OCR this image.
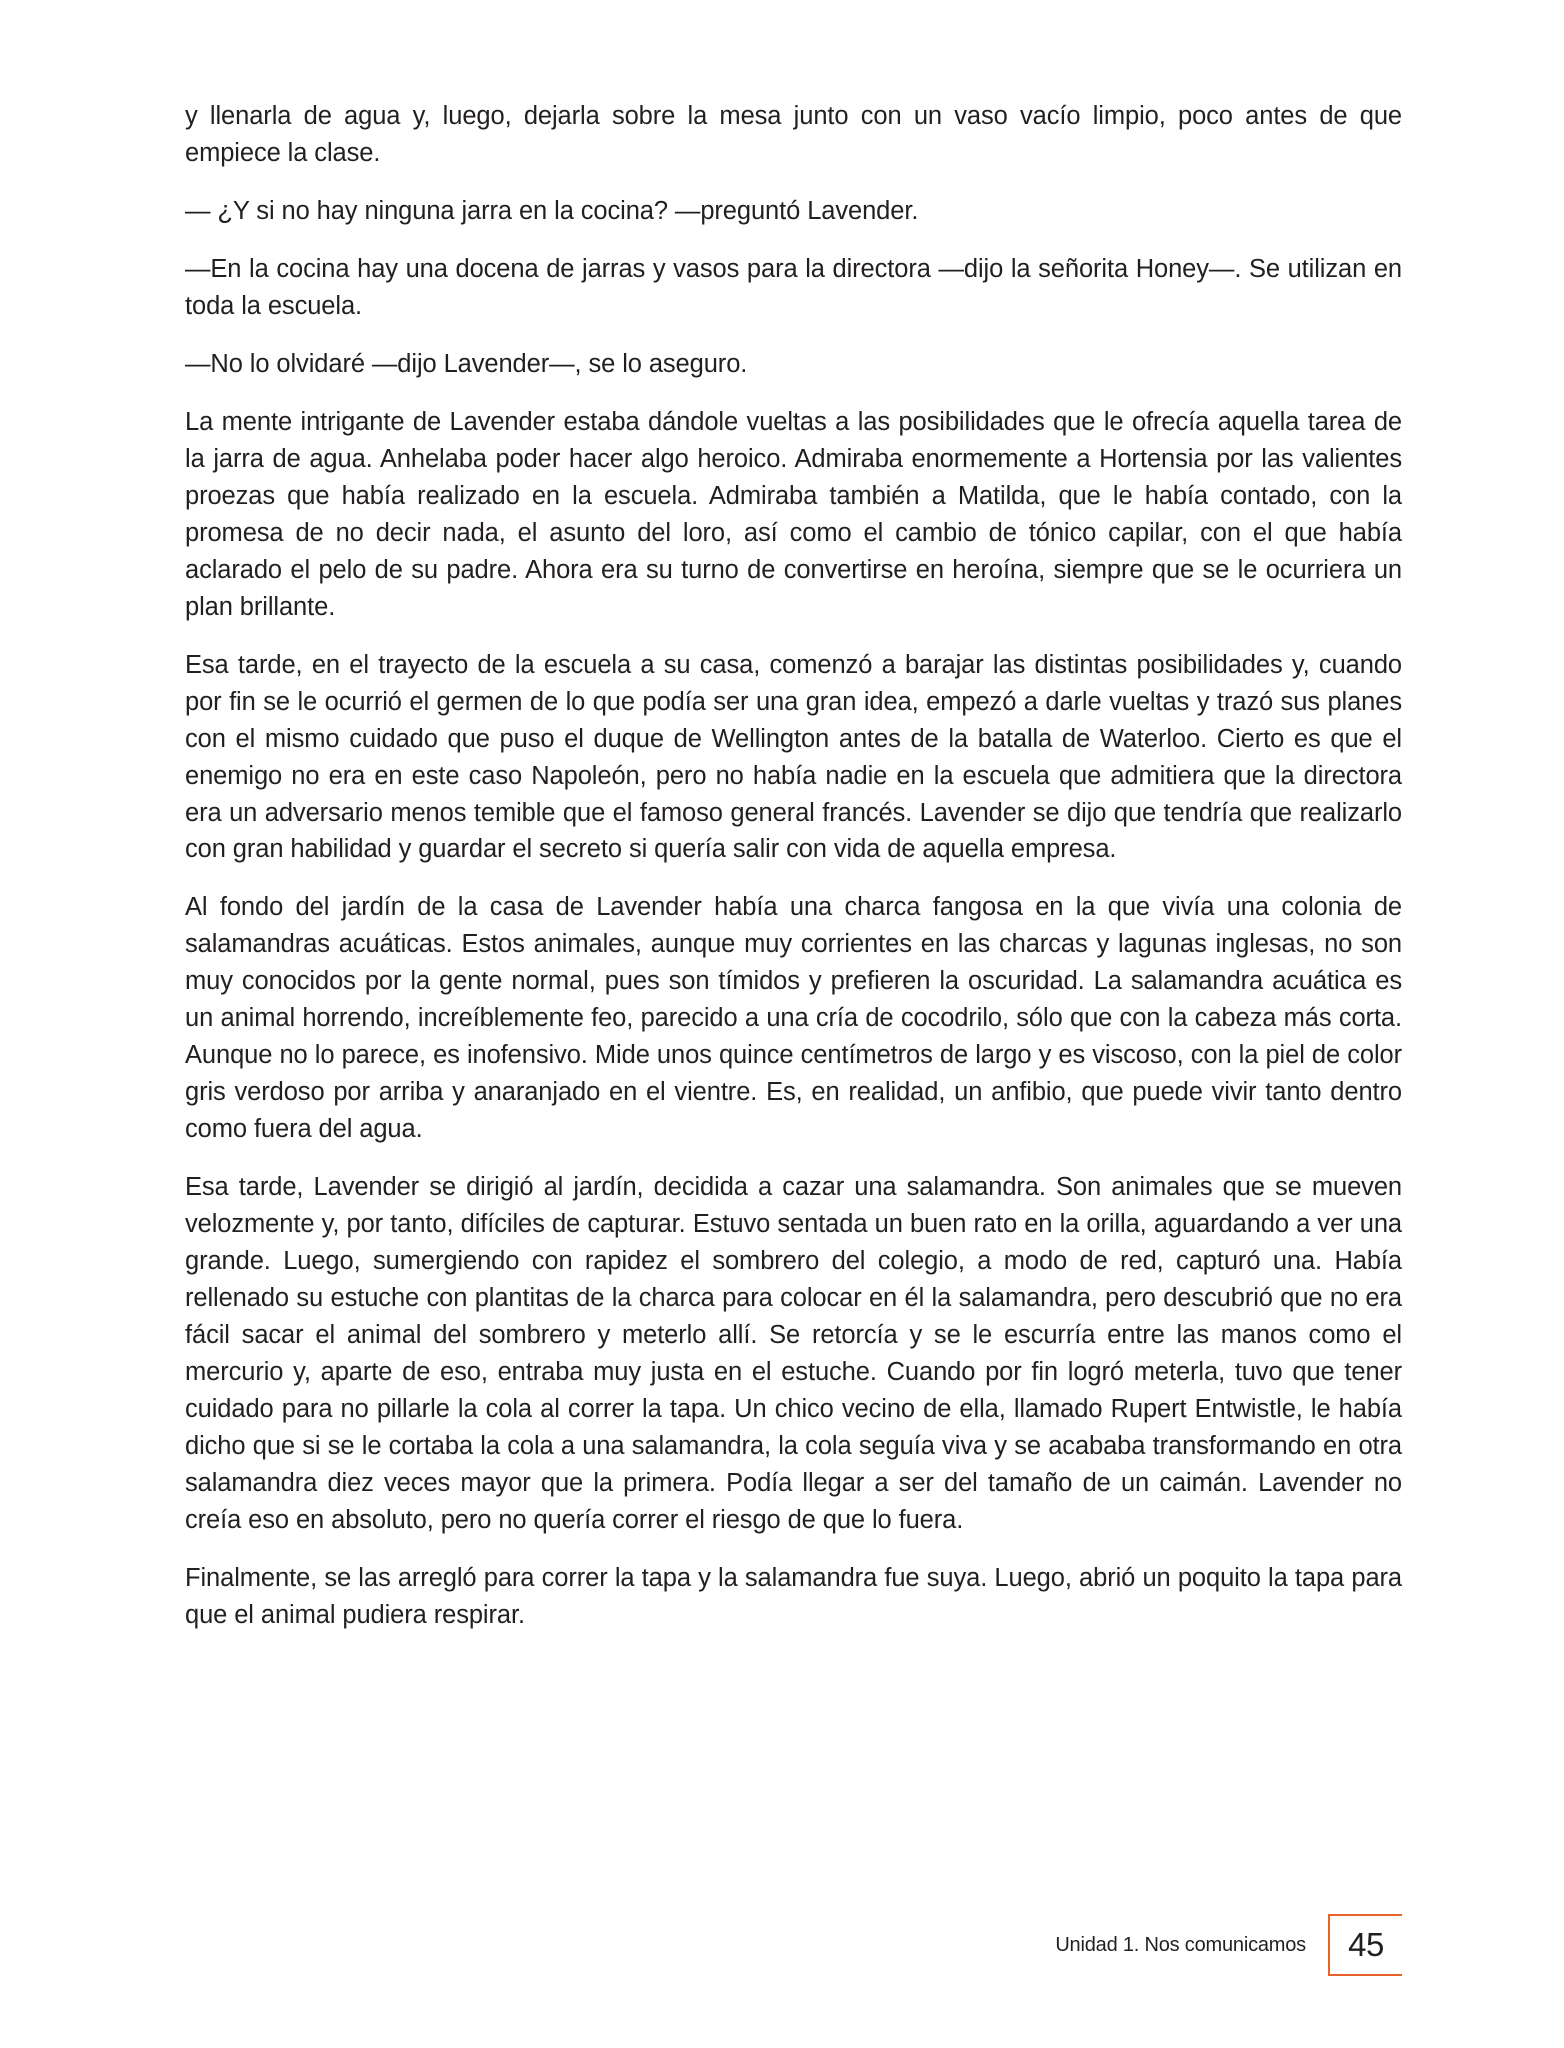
y llenarla de agua y, luego, dejarla sobre la mesa junto con un vaso vacío limpio, poco antes de que empiece la clase.

— ¿Y si no hay ninguna jarra en la cocina? —preguntó Lavender.

—En la cocina hay una docena de jarras y vasos para la directora —dijo la señorita Honey—. Se utilizan en toda la escuela.

—No lo olvidaré —dijo Lavender—, se lo aseguro.

La mente intrigante de Lavender estaba dándole vueltas a las posibilidades que le ofrecía aquella tarea de la jarra de agua. Anhelaba poder hacer algo heroico. Admiraba enormemente a Hortensia por las valientes proezas que había realizado en la escuela. Admiraba también a Matilda, que le había contado, con la promesa de no decir nada, el asunto del loro, así como el cambio de tónico capilar, con el que había aclarado el pelo de su padre. Ahora era su turno de convertirse en heroína, siempre que se le ocurriera un plan brillante.

Esa tarde, en el trayecto de la escuela a su casa, comenzó a barajar las distintas posibilidades y, cuando por fin se le ocurrió el germen de lo que podía ser una gran idea, empezó a darle vueltas y trazó sus planes con el mismo cuidado que puso el duque de Wellington antes de la batalla de Waterloo. Cierto es que el enemigo no era en este caso Napoleón, pero no había nadie en la escuela que admitiera que la directora era un adversario menos temible que el famoso general francés. Lavender se dijo que tendría que realizarlo con gran habilidad y guardar el secreto si quería salir con vida de aquella empresa.

Al fondo del jardín de la casa de Lavender había una charca fangosa en la que vivía una colonia de salamandras acuáticas. Estos animales, aunque muy corrientes en las charcas y lagunas inglesas, no son muy conocidos por la gente normal, pues son tímidos y prefieren la oscuridad. La salamandra acuática es un animal horrendo, increíblemente feo, parecido a una cría de cocodrilo, sólo que con la cabeza más corta. Aunque no lo parece, es inofensivo. Mide unos quince centímetros de largo y es viscoso, con la piel de color gris verdoso por arriba y anaranjado en el vientre. Es, en realidad, un anfibio, que puede vivir tanto dentro como fuera del agua.

Esa tarde, Lavender se dirigió al jardín, decidida a cazar una salamandra. Son animales que se mueven velozmente y, por tanto, difíciles de capturar. Estuvo sentada un buen rato en la orilla, aguardando a ver una grande. Luego, sumergiendo con rapidez el sombrero del colegio, a modo de red, capturó una. Había rellenado su estuche con plantitas de la charca para colocar en él la salamandra, pero descubrió que no era fácil sacar el animal del sombrero y meterlo allí. Se retorcía y se le escurría entre las manos como el mercurio y, aparte de eso, entraba muy justa en el estuche. Cuando por fin logró meterla, tuvo que tener cuidado para no pillarle la cola al correr la tapa. Un chico vecino de ella, llamado Rupert Entwistle, le había dicho que si se le cortaba la cola a una salamandra, la cola seguía viva y se acababa transformando en otra salamandra diez veces mayor que la primera. Podía llegar a ser del tamaño de un caimán. Lavender no creía eso en absoluto, pero no quería correr el riesgo de que lo fuera.

Finalmente, se las arregló para correr la tapa y la salamandra fue suya. Luego, abrió un poquito la tapa para que el animal pudiera respirar.

Unidad 1. Nos comunicamos	45
